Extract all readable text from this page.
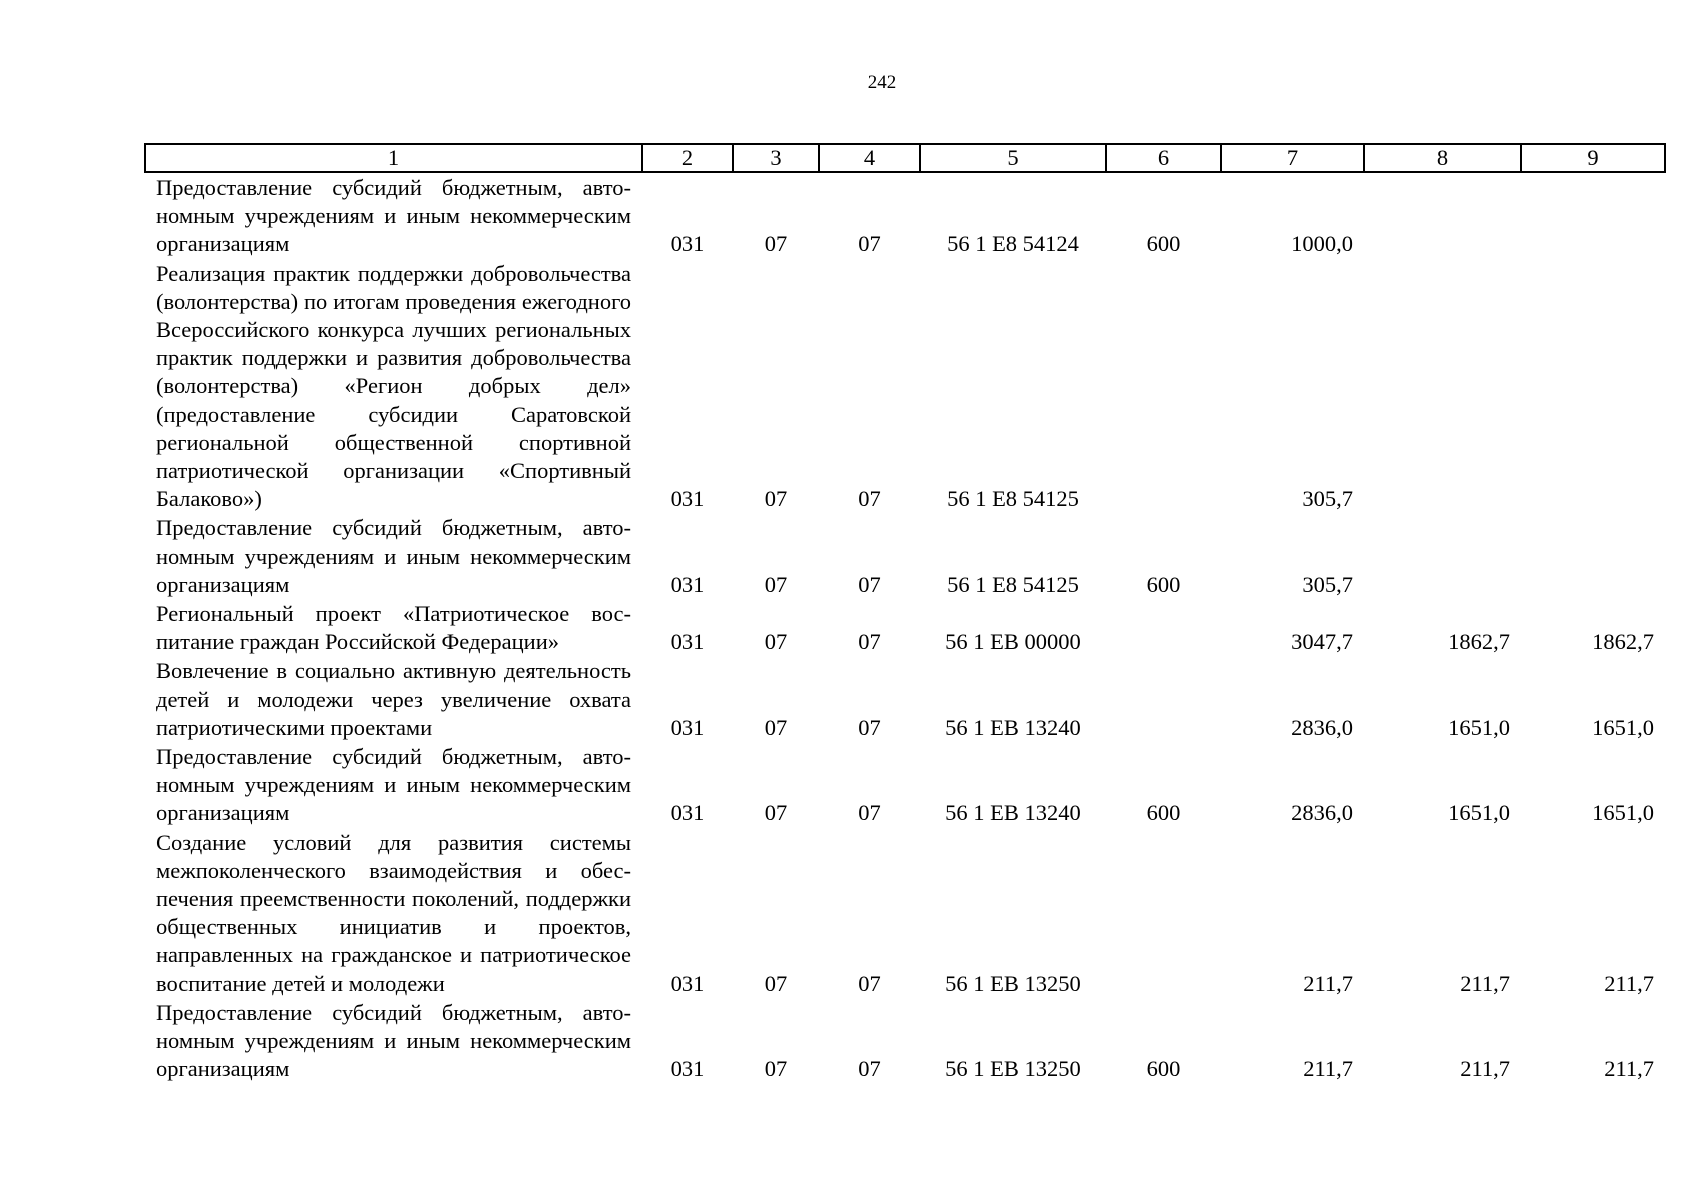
242
1	2	3	4	5	6	7	8	9
Предоставление субсидий бюджетным, автономным учреждениям и иным некоммерческим организациям	031	07	07	56 1 E8 54124	600	1000,0		
Реализация практик поддержки добровольчества (волонтерства) по итогам проведения ежегодного Всероссийского конкурса лучших региональных практик поддержки и развития добровольчества (волонтерства) «Регион добрых дел» (предоставление субсидии Саратовской региональной общественной спортивной патриотической организации «Спортивный Балаково»)	031	07	07	56 1 E8 54125		305,7		
Предоставление субсидий бюджетным, автономным учреждениям и иным некоммерческим организациям	031	07	07	56 1 E8 54125	600	305,7		
Региональный проект «Патриотическое воспитание граждан Российской Федерации»	031	07	07	56 1 EB 00000		3047,7	1862,7	1862,7
Вовлечение в социально активную деятельность детей и молодежи через увеличение охвата патриотическими проектами	031	07	07	56 1 EB 13240		2836,0	1651,0	1651,0
Предоставление субсидий бюджетным, автономным учреждениям и иным некоммерческим организациям	031	07	07	56 1 EB 13240	600	2836,0	1651,0	1651,0
Создание условий для развития системы межпоколенческого взаимодействия и обеспечения преемственности поколений, поддержки общественных инициатив и проектов, направленных на гражданское и патриотическое воспитание детей и молодежи	031	07	07	56 1 EB 13250		211,7	211,7	211,7
Предоставление субсидий бюджетным, автономным учреждениям и иным некоммерческим организациям	031	07	07	56 1 EB 13250	600	211,7	211,7	211,7
